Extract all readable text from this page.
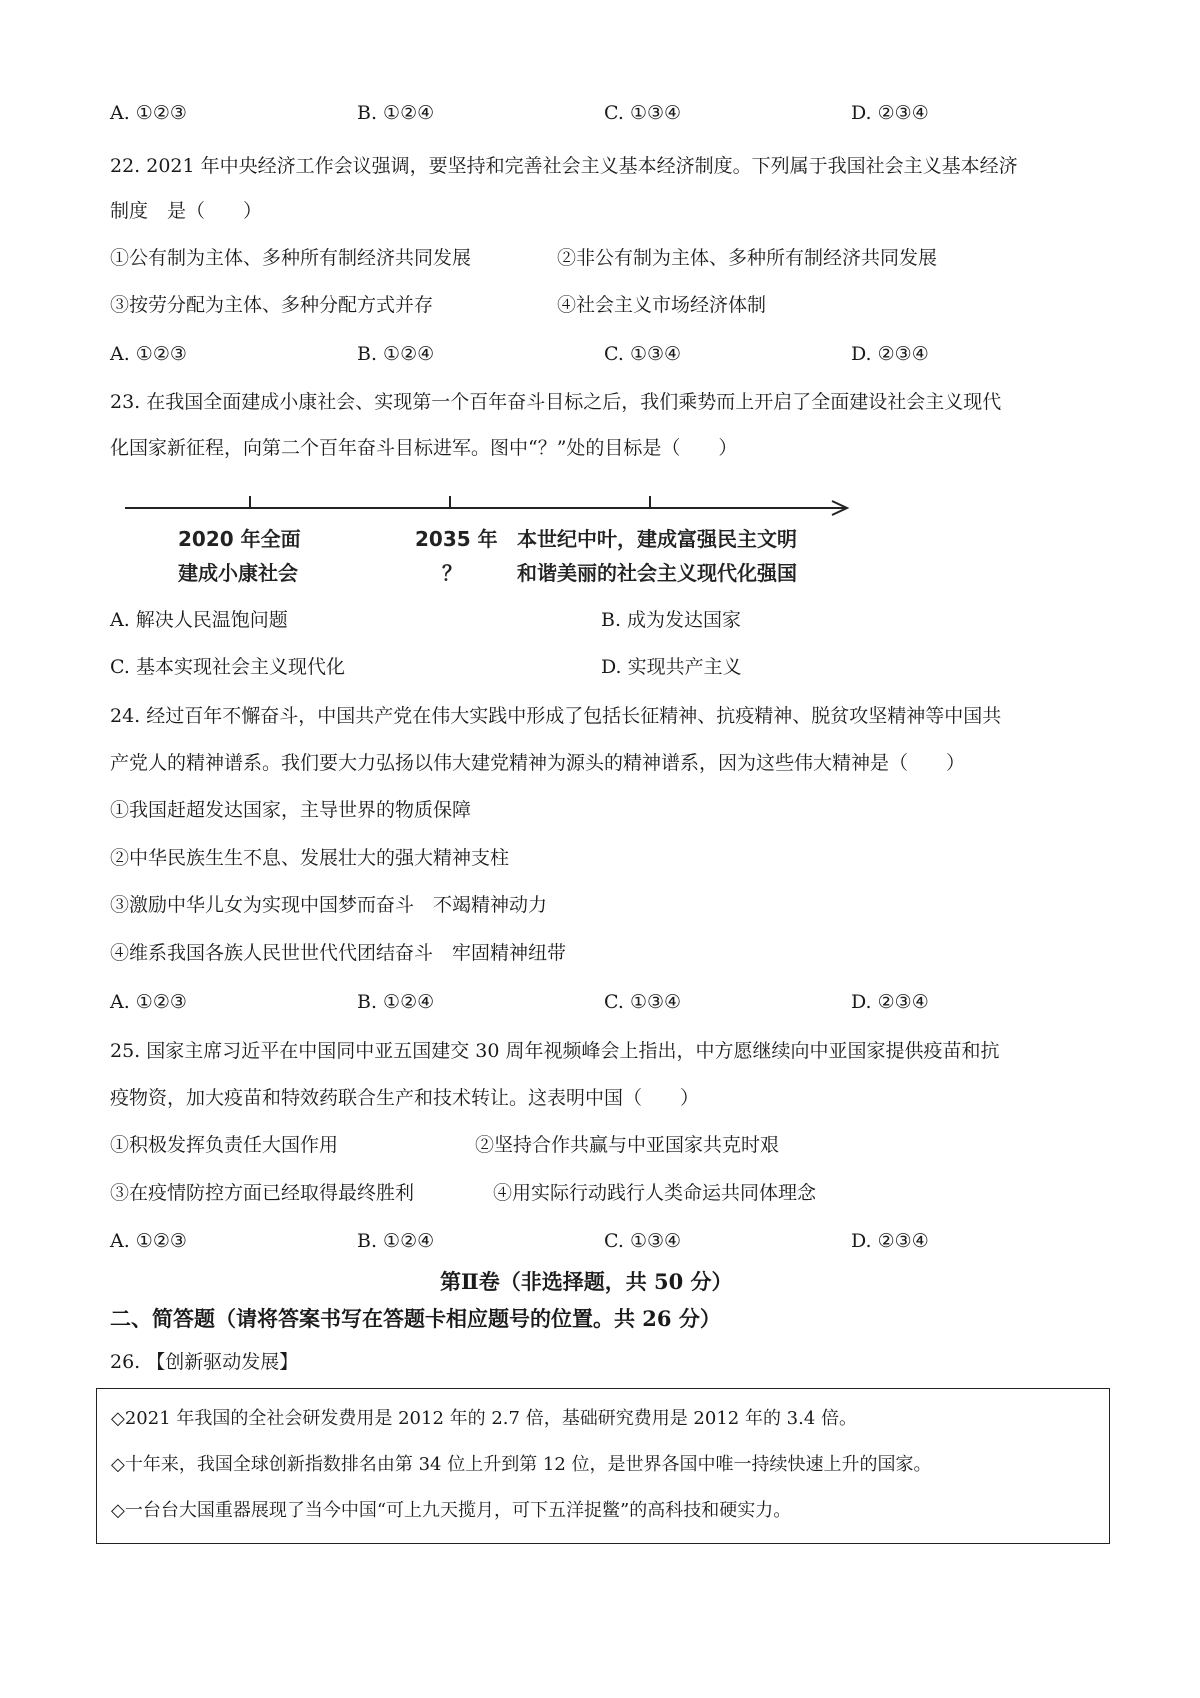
A. ①②③	B. ①②④	C. ①③④	D. ②③④
22. 2021 年中央经济工作会议强调，要坚持和完善社会主义基本经济制度。下列属于我国社会主义基本经济
制度　是（　　）
①公有制为主体、多种所有制经济共同发展	②非公有制为主体、多种所有制经济共同发展
③按劳分配为主体、多种分配方式并存	④社会主义市场经济体制
A. ①②③	B. ①②④	C. ①③④	D. ②③④
23. 在我国全面建成小康社会、实现第一个百年奋斗目标之后，我们乘势而上开启了全面建设社会主义现代
化国家新征程，向第二个百年奋斗目标进军。图中“？”处的目标是（　　）
2020 年全面
建成小康社会
2035 年
？
本世纪中叶，建成富强民主文明
和谐美丽的社会主义现代化强国
A. 解决人民温饱问题	B. 成为发达国家
C. 基本实现社会主义现代化	D. 实现共产主义
24. 经过百年不懈奋斗，中国共产党在伟大实践中形成了包括长征精神、抗疫精神、脱贫攻坚精神等中国共
产党人的精神谱系。我们要大力弘扬以伟大建党精神为源头的精神谱系，因为这些伟大精神是（　　）
①我国赶超发达国家，主导世界的物质保障
②中华民族生生不息、发展壮大的强大精神支柱
③激励中华儿女为实现中国梦而奋斗　不竭精神动力
④维系我国各族人民世世代代团结奋斗　牢固精神纽带
A. ①②③	B. ①②④	C. ①③④	D. ②③④
25. 国家主席习近平在中国同中亚五国建交 30 周年视频峰会上指出，中方愿继续向中亚国家提供疫苗和抗
疫物资，加大疫苗和特效药联合生产和技术转让。这表明中国（　　）
①积极发挥负责任大国作用	②坚持合作共赢与中亚国家共克时艰
③在疫情防控方面已经取得最终胜利	④用实际行动践行人类命运共同体理念
A. ①②③	B. ①②④	C. ①③④	D. ②③④
第Ⅱ卷（非选择题，共 50 分）
二、简答题（请将答案书写在答题卡相应题号的位置。共 26 分）
26. 【创新驱动发展】
◇2021 年我国的全社会研发费用是 2012 年的 2.7 倍，基础研究费用是 2012 年的 3.4 倍。
◇十年来，我国全球创新指数排名由第 34 位上升到第 12 位，是世界各国中唯一持续快速上升的国家。
◇一台台大国重器展现了当今中国“可上九天揽月，可下五洋捉鳖”的高科技和硬实力。
